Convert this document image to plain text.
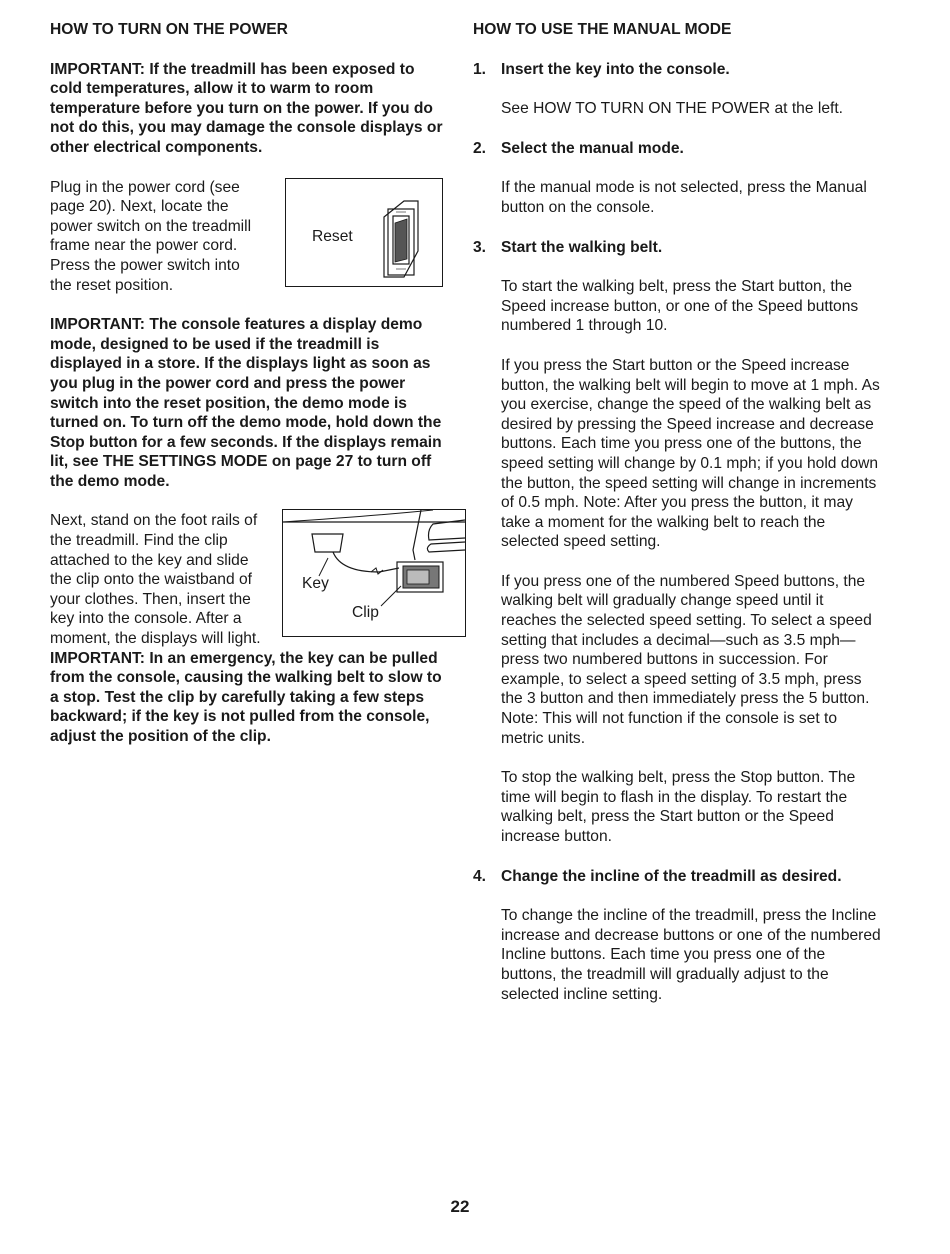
HOW TO TURN ON THE POWER

IMPORTANT: If the treadmill has been exposed to cold temperatures, allow it to warm to room temperature before you turn on the power. If you do not do this, you may damage the console displays or other electrical components.

Plug in the power cord (see page 20). Next, locate the power switch on the treadmill frame near the power cord. Press the power switch into the reset position.

Reset

IMPORTANT: The console features a display demo mode, designed to be used if the treadmill is displayed in a store. If the displays light as soon as you plug in the power cord and press the power switch into the reset position, the demo mode is turned on. To turn off the demo mode, hold down the Stop button for a few seconds. If the displays remain lit, see THE SETTINGS MODE on page 27 to turn off the demo mode.

Next, stand on the foot rails of the treadmill. Find the clip attached to the key and slide the clip onto the waistband of your clothes. Then, insert the key into the console. After a moment, the displays will light.
Key
Clip

IMPORTANT: In an emergency, the key can be pulled from the console, causing the walking belt to slow to a stop. Test the clip by carefully taking a few steps backward; if the key is not pulled from the console, adjust the position of the clip.

HOW TO USE THE MANUAL MODE
1. Insert the key into the console.
See HOW TO TURN ON THE POWER at the left.
2. Select the manual mode.
If the manual mode is not selected, press the Manual button on the console.
3. Start the walking belt.
To start the walking belt, press the Start button, the Speed increase button, or one of the Speed buttons numbered 1 through 10.
If you press the Start button or the Speed increase button, the walking belt will begin to move at 1 mph. As you exercise, change the speed of the walking belt as desired by pressing the Speed increase and decrease buttons. Each time you press one of the buttons, the speed setting will change by 0.1 mph; if you hold down the button, the speed setting will change in increments of 0.5 mph. Note: After you press the button, it may take a moment for the walking belt to reach the selected speed setting.
If you press one of the numbered Speed buttons, the walking belt will gradually change speed until it reaches the selected speed setting. To select a speed setting that includes a decimal—such as 3.5 mph—press two numbered buttons in succession. For example, to select a speed setting of 3.5 mph, press the 3 button and then immediately press the 5 button. Note: This will not function if the console is set to metric units.
To stop the walking belt, press the Stop button. The time will begin to flash in the display. To restart the walking belt, press the Start button or the Speed increase button.
4. Change the incline of the treadmill as desired.
To change the incline of the treadmill, press the Incline increase and decrease buttons or one of the numbered Incline buttons. Each time you press one of the buttons, the treadmill will gradually adjust to the selected incline setting.
22
